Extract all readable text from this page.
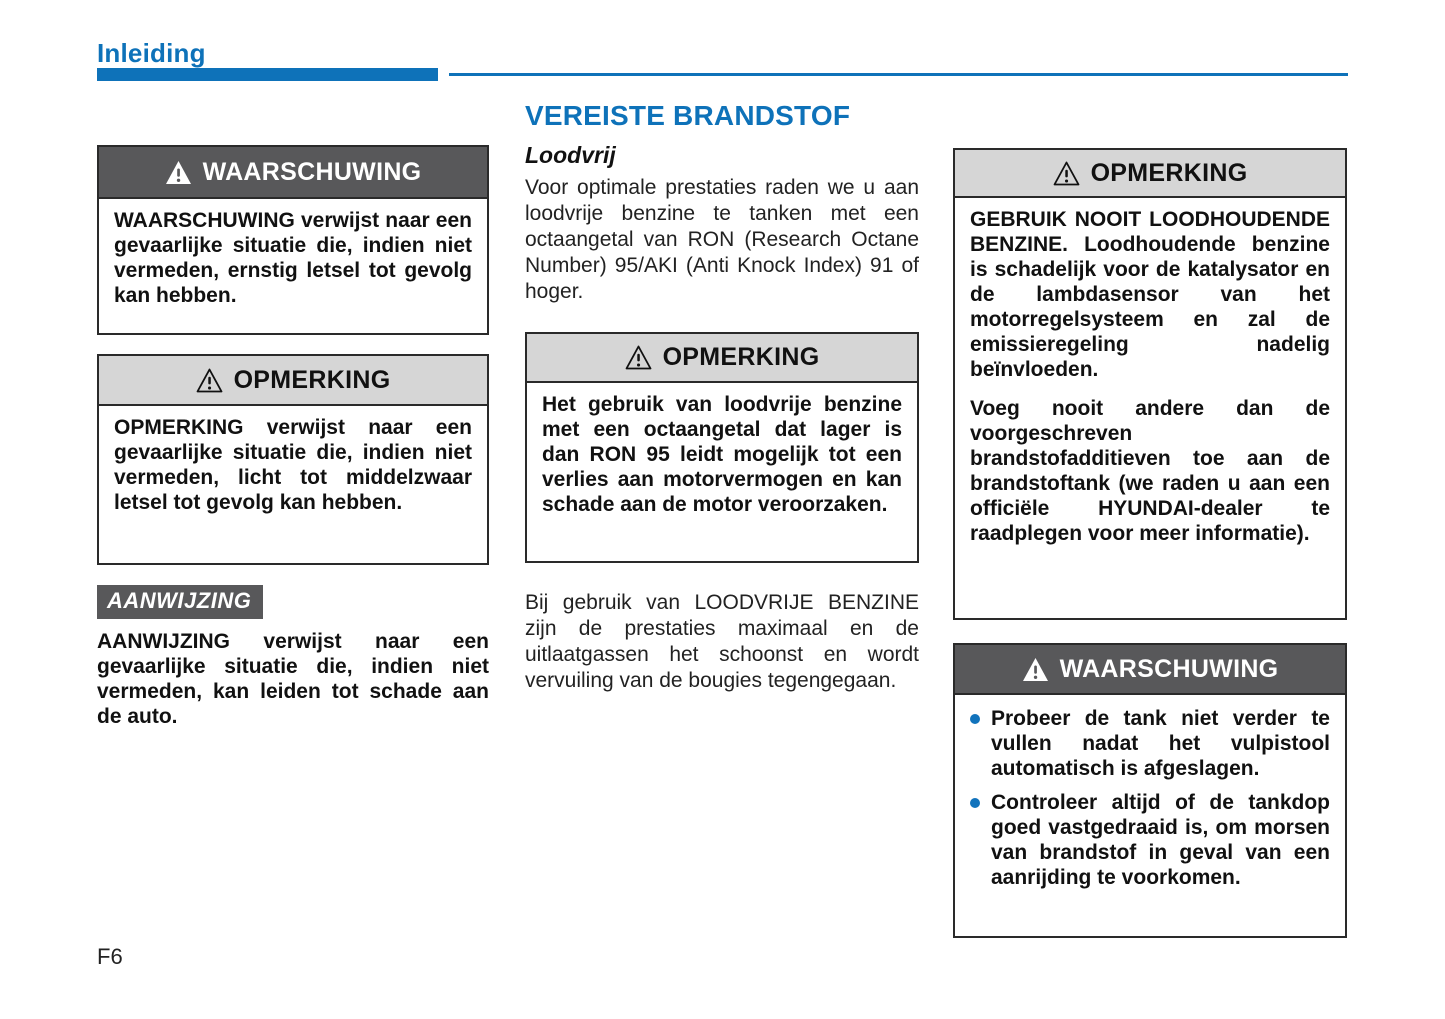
Inleiding
WAARSCHUWING
WAARSCHUWING verwijst naar een gevaarlijke situatie die, indien niet vermeden, ernstig letsel tot gevolg kan hebben.
OPMERKING
OPMERKING verwijst naar een gevaarlijke situatie die, indien niet vermeden, licht tot middelzwaar letsel tot gevolg kan hebben.
AANWIJZING

AANWIJZING verwijst naar een gevaarlijke situatie die, indien niet vermeden, kan leiden tot schade aan de auto.

VEREISTE BRANDSTOF
Loodvrij

Voor optimale prestaties raden we u aan loodvrije benzine te tanken met een octaangetal van RON (Research Octane Number) 95/AKI (Anti Knock Index) 91 of hoger.

OPMERKING
Het gebruik van loodvrije benzine met een octaangetal dat lager is dan RON 95 leidt mogelijk tot een verlies aan motorvermogen en kan schade aan de motor veroorzaken.

Bij gebruik van LOODVRIJE BENZINE zijn de prestaties maximaal en de uitlaatgassen het schoonst en wordt vervuiling van de bougies tegengegaan.

OPMERKING

GEBRUIK NOOIT LOODHOUDENDE BENZINE. Loodhoudende benzine is schadelijk voor de katalysator en de lambdasensor van het motorregelsysteem en zal de emissieregeling nadelig beïnvloeden.

Voeg nooit andere dan de voorgeschreven brandstofadditieven toe aan de brandstoftank (we raden u aan een officiële HYUNDAI-dealer te raadplegen voor meer informatie).

WAARSCHUWING
Probeer de tank niet verder te vullen nadat het vulpistool automatisch is afgeslagen.
Controleer altijd of de tankdop goed vastgedraaid is, om morsen van brandstof in geval van een aanrijding te voorkomen.
F6
